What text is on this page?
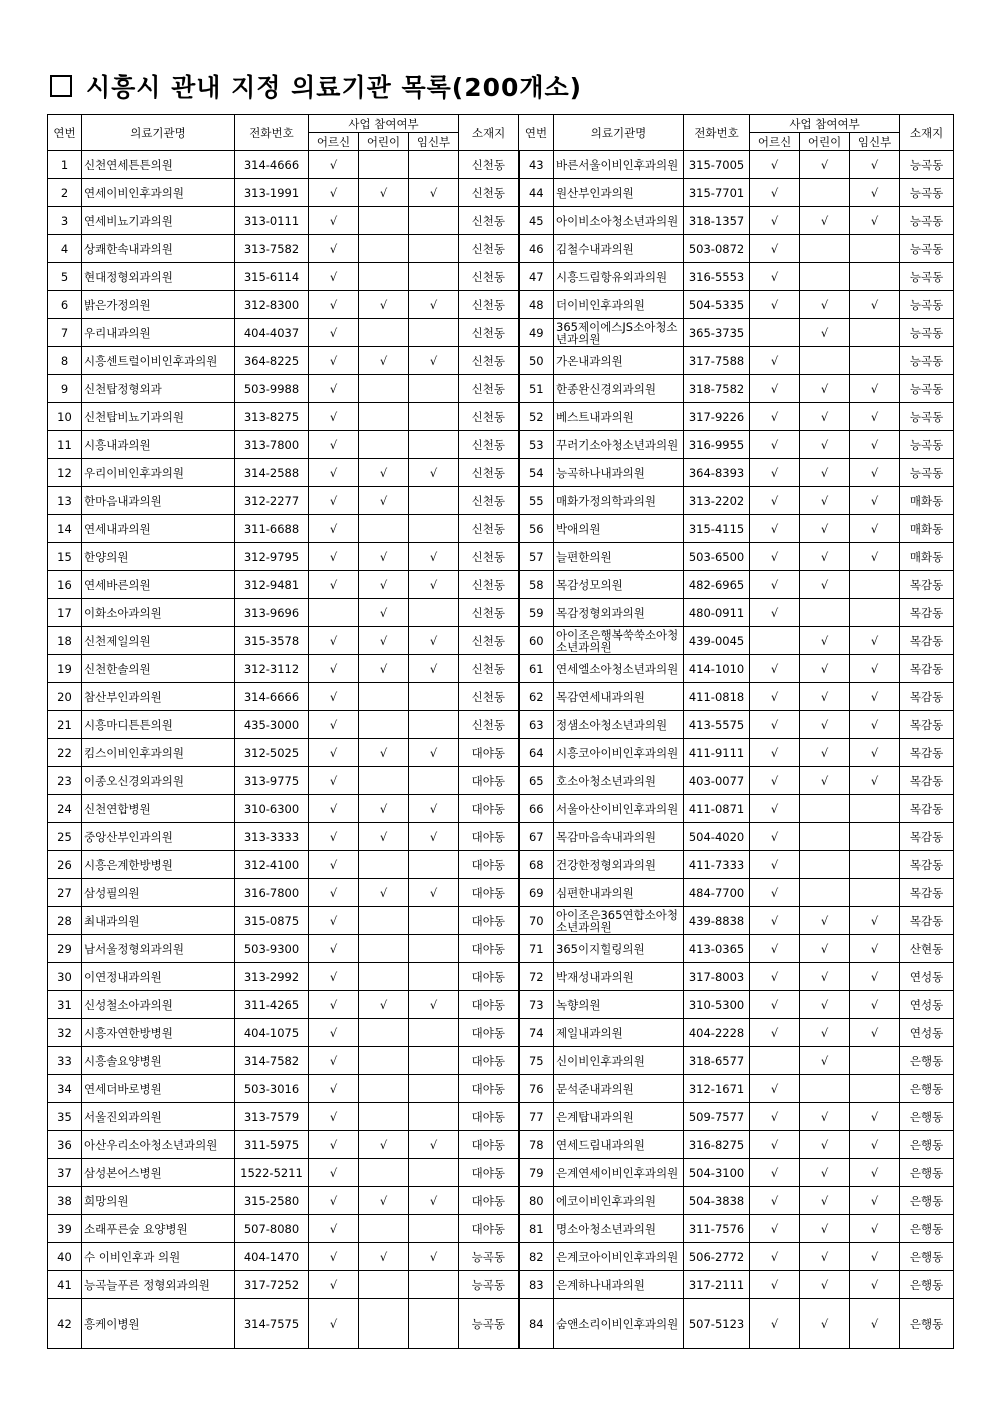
시흥시 관내 지정 의료기관 목록(200개소)
연번	의료기관명	전화번호	사업 참여여부			소재지	연번	의료기관명	전화번호	사업 참여여부			소재지
			어르신	어린이	임신부					어르신	어린이	임신부	
1	신천연세튼튼의원	314-4666	√			신천동	43	바른서울이비인후과의원	315-7005	√	√	√	능곡동
2	연세이비인후과의원	313-1991	√	√	√	신천동	44	원산부인과의원	315-7701	√		√	능곡동
3	연세비뇨기과의원	313-0111	√			신천동	45	아이비소아청소년과의원	318-1357	√	√	√	능곡동
4	상쾌한속내과의원	313-7582	√			신천동	46	김철수내과의원	503-0872	√			능곡동
5	현대정형외과의원	315-6114	√			신천동	47	시흥드림항유외과의원	316-5553	√			능곡동
6	밝은가정의원	312-8300	√	√	√	신천동	48	더이비인후과의원	504-5335	√	√	√	능곡동
7	우리내과의원	404-4037	√			신천동	49	365제이에스JS소아청소년과의원	365-3735		√		능곡동
8	시흥센트럴이비인후과의원	364-8225	√	√	√	신천동	50	가온내과의원	317-7588	√			능곡동
9	신천탑정형외과	503-9988	√			신천동	51	한종완신경외과의원	318-7582	√	√	√	능곡동
10	신천탑비뇨기과의원	313-8275	√			신천동	52	베스트내과의원	317-9226	√	√	√	능곡동
11	시흥내과의원	313-7800	√			신천동	53	꾸러기소아청소년과의원	316-9955	√	√	√	능곡동
12	우리이비인후과의원	314-2588	√	√	√	신천동	54	능곡하나내과의원	364-8393	√	√	√	능곡동
13	한마음내과의원	312-2277	√	√		신천동	55	매화가정의학과의원	313-2202	√	√	√	매화동
14	연세내과의원	311-6688	√			신천동	56	박애의원	315-4115	√	√	√	매화동
15	한양의원	312-9795	√	√	√	신천동	57	늘편한의원	503-6500	√	√	√	매화동
16	연세바른의원	312-9481	√	√	√	신천동	58	목감성모의원	482-6965	√	√		목감동
17	이화소아과의원	313-9696		√		신천동	59	목감정형외과의원	480-0911	√			목감동
18	신천제일의원	315-3578	√	√	√	신천동	60	아이조은행복쑥쑥소아청소년과의원	439-0045		√	√	목감동
19	신천한솔의원	312-3112	√	√	√	신천동	61	연세엘소아청소년과의원	414-1010	√	√	√	목감동
20	참산부인과의원	314-6666	√			신천동	62	목감연세내과의원	411-0818	√	√	√	목감동
21	시흥마디튼튼의원	435-3000	√			신천동	63	정샘소아청소년과의원	413-5575	√	√	√	목감동
22	킴스이비인후과의원	312-5025	√	√	√	대야동	64	시흥코아이비인후과의원	411-9111	√	√	√	목감동
23	이종오신경외과의원	313-9775	√			대야동	65	호소아청소년과의원	403-0077	√	√	√	목감동
24	신천연합병원	310-6300	√	√	√	대야동	66	서울아산이비인후과의원	411-0871	√			목감동
25	중앙산부인과의원	313-3333	√	√	√	대야동	67	목감마음속내과의원	504-4020	√			목감동
26	시흥은계한방병원	312-4100	√			대야동	68	건강한정형외과의원	411-7333	√			목감동
27	삼성필의원	316-7800	√	√	√	대야동	69	심편한내과의원	484-7700	√			목감동
28	최내과의원	315-0875	√			대야동	70	아이조은365연합소아청소년과의원	439-8838	√	√	√	목감동
29	남서울정형외과의원	503-9300	√			대야동	71	365이지힐링의원	413-0365	√	√	√	산현동
30	이연정내과의원	313-2992	√			대야동	72	박재성내과의원	317-8003	√	√	√	연성동
31	신성철소아과의원	311-4265	√	√	√	대야동	73	녹향의원	310-5300	√	√	√	연성동
32	시흥자연한방병원	404-1075	√			대야동	74	제일내과의원	404-2228	√	√	√	연성동
33	시흥솔요양병원	314-7582	√			대야동	75	신이비인후과의원	318-6577		√		은행동
34	연세더바로병원	503-3016	√			대야동	76	문석준내과의원	312-1671	√			은행동
35	서울진외과의원	313-7579	√			대야동	77	은계탑내과의원	509-7577	√	√	√	은행동
36	아산우리소아청소년과의원	311-5975	√	√	√	대야동	78	연세드림내과의원	316-8275	√	√	√	은행동
37	삼성본어스병원	1522-5211	√			대야동	79	은계연세이비인후과의원	504-3100	√	√	√	은행동
38	희망의원	315-2580	√	√	√	대야동	80	에코이비인후과의원	504-3838	√	√	√	은행동
39	소래푸른숲 요양병원	507-8080	√			대야동	81	명소아청소년과의원	311-7576	√	√	√	은행동
40	수 이비인후과 의원	404-1470	√	√	√	능곡동	82	은계코아이비인후과의원	506-2772	√	√	√	은행동
41	능곡늘푸른 정형외과의원	317-7252	√			능곡동	83	은계하나내과의원	317-2111	√	√	√	은행동
42	흥케이병원	314-7575	√			능곡동	84	숨앤소리이비인후과의원	507-5123	√	√	√	은행동
